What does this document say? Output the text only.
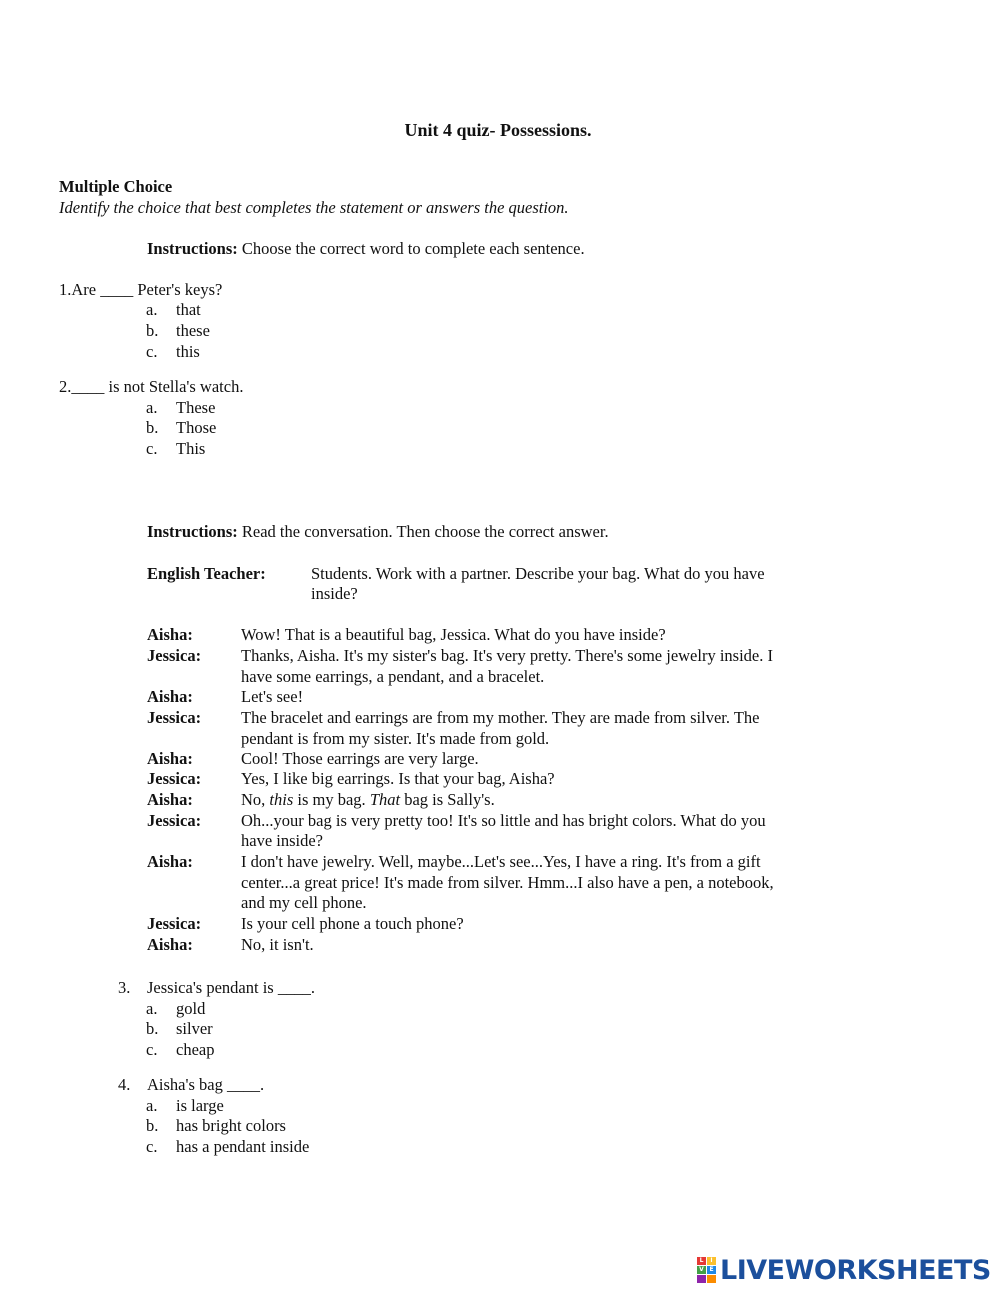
Unit 4 quiz- Possessions.
Multiple Choice
Identify the choice that best completes the statement or answers the question.
Instructions: Choose the correct word to complete each sentence.
1.Are ____ Peter's keys?
a. that
b. these
c. this
2.____ is not Stella's watch.
a. These
b. Those
c. This
Instructions: Read the conversation. Then choose the correct answer.
English Teacher:	Students. Work with a partner. Describe your bag. What do you have
inside?
Aisha:	Wow! That is a beautiful bag, Jessica. What do you have inside?
Jessica: Thanks, Aisha. It's my sister's bag. It's very pretty. There's some jewelry inside. I
have some earrings, a pendant, and a bracelet.
Aisha:	Let's see!
Jessica: The bracelet and earrings are from my mother. They are made from silver. The
pendant is from my sister. It's made from gold.
Aisha:	Cool! Those earrings are very large.
Jessica: Yes, I like big earrings. Is that your bag, Aisha?
Aisha:	No, this is my bag. That bag is Sally's.
Jessica: Oh...your bag is very pretty too! It's so little and has bright colors. What do you
have inside?
Aisha:	I don't have jewelry. Well, maybe...Let's see...Yes, I have a ring. It's from a gift
center...a great price! It's made from silver. Hmm...I also have a pen, a notebook,
and my cell phone.
Jessica: Is your cell phone a touch phone?
Aisha:	No, it isn't.
3. Jessica's pendant is ____.
a. gold
b. silver
c. cheap
4. Aisha's bag ____.
a. is large
b. has bright colors
c. has a pendant inside
L	I
V E LIVEWORKSHEETS
